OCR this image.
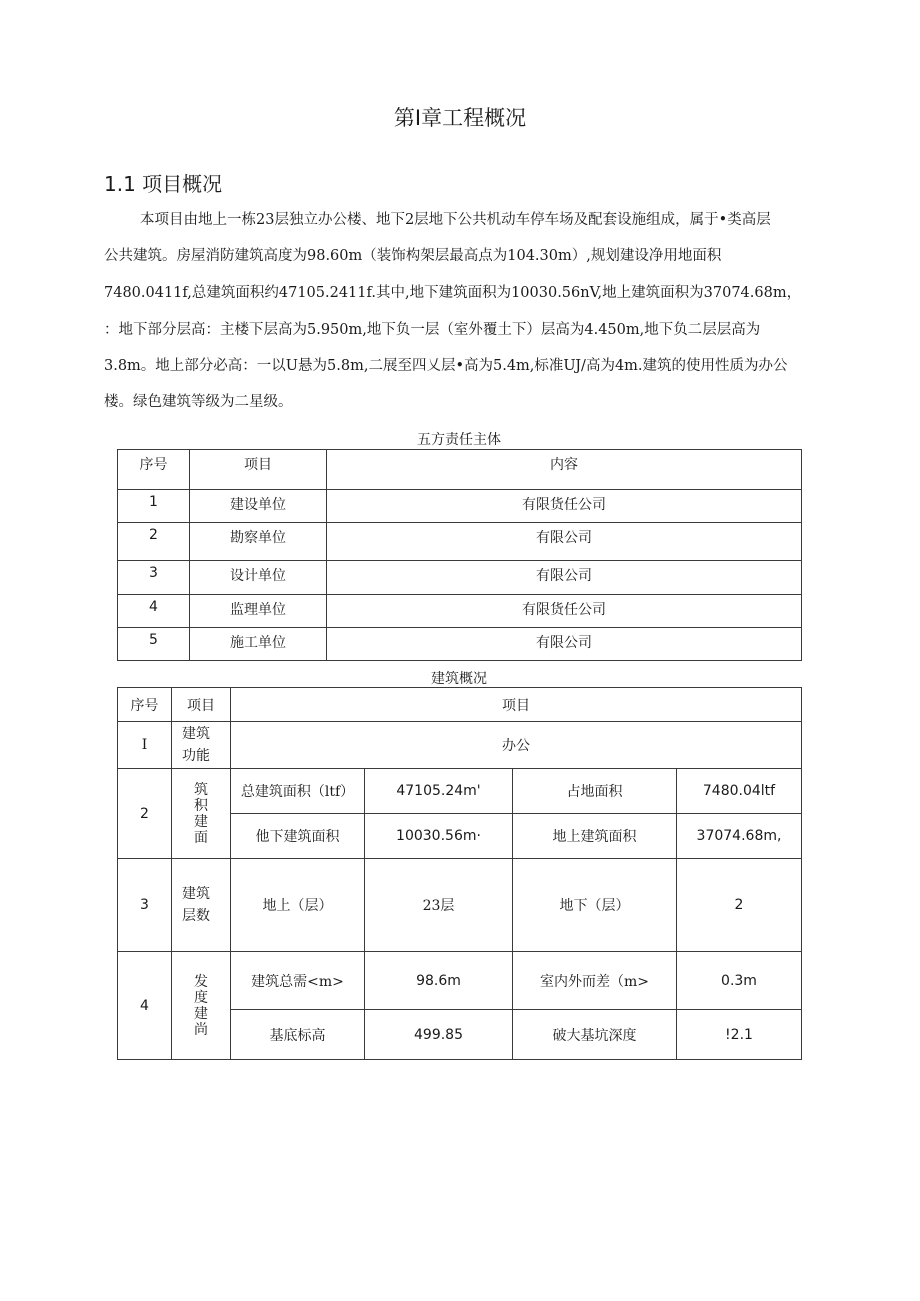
第Ⅰ章工程概况
1.1 项目概况
本项目由地上一栋23层独立办公楼、地下2层地下公共机动车停车场及配套设施组成，属于•类高层
公共建筑。房屋消防建筑高度为98.60m（装饰构架层最高点为104.30m）,规划建设净用地面积
7480.0411f,总建筑面积约47105.2411f.其中,地下建筑面积为10030.56nV,地上建筑面积为37074.68m，
：地下部分层高：主楼下层高为5.950m,地下负一层（室外覆土下）层高为4.450m,地下负二层层高为
3.8m。地上部分必高：一以U悬为5.8m,二展至四乂层•高为5.4m,标准UJ/高为4m.建筑的使用性质为办公
楼。绿色建筑等级为二星级。
五方责任主体
序号	项目	内容
1	建设单位	有限货任公司
2	勘察单位	有限公司
3	设计单位	有限公司
4	监理单位	有限货任公司
5	施工单位	有限公司
建筑概况
序号	项目	项目			
I	建筑功能	办公			
2	筑积建面	总建筑面积（ltf）	47105.24m'	占地面积	7480.04ltf
		他下建筑面积	10030.56m·	地上建筑面积	37074.68m,
3	建筑层数	地上（层）	23层	地下（层）	2
4	发度建尚	建筑总需<m>	98.6m	室内外而差（m>	0.3m
		基底标高	499.85	破大基坑深度	!2.1
